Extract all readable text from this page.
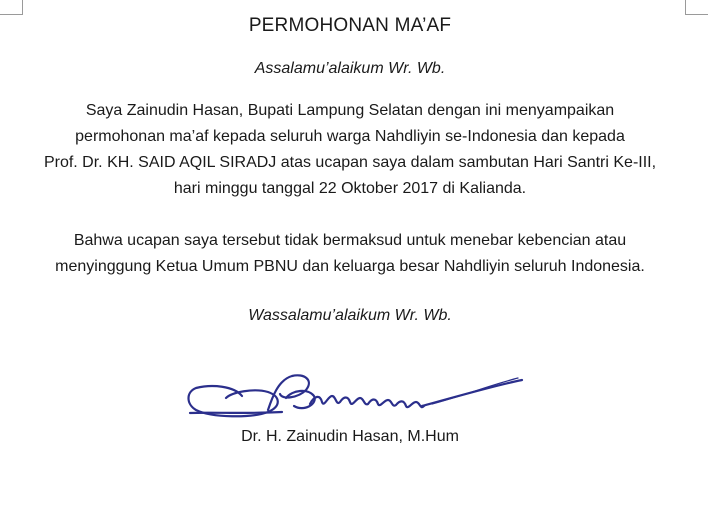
PERMOHONAN MA’AF

Assalamu’alaikum Wr. Wb.

Saya Zainudin Hasan, Bupati Lampung Selatan dengan ini menyampaikan
permohonan ma’af kepada seluruh warga Nahdliyin se-Indonesia dan kepada
Prof. Dr. KH. SAID AQIL SIRADJ atas ucapan saya dalam sambutan Hari Santri Ke-III,
hari minggu tanggal 22 Oktober 2017 di Kalianda.

Bahwa ucapan saya tersebut tidak bermaksud untuk menebar kebencian atau
menyinggung Ketua Umum PBNU dan keluarga besar Nahdliyin seluruh Indonesia.

Wassalamu’alaikum Wr. Wb.

Dr. H. Zainudin Hasan, M.Hum
